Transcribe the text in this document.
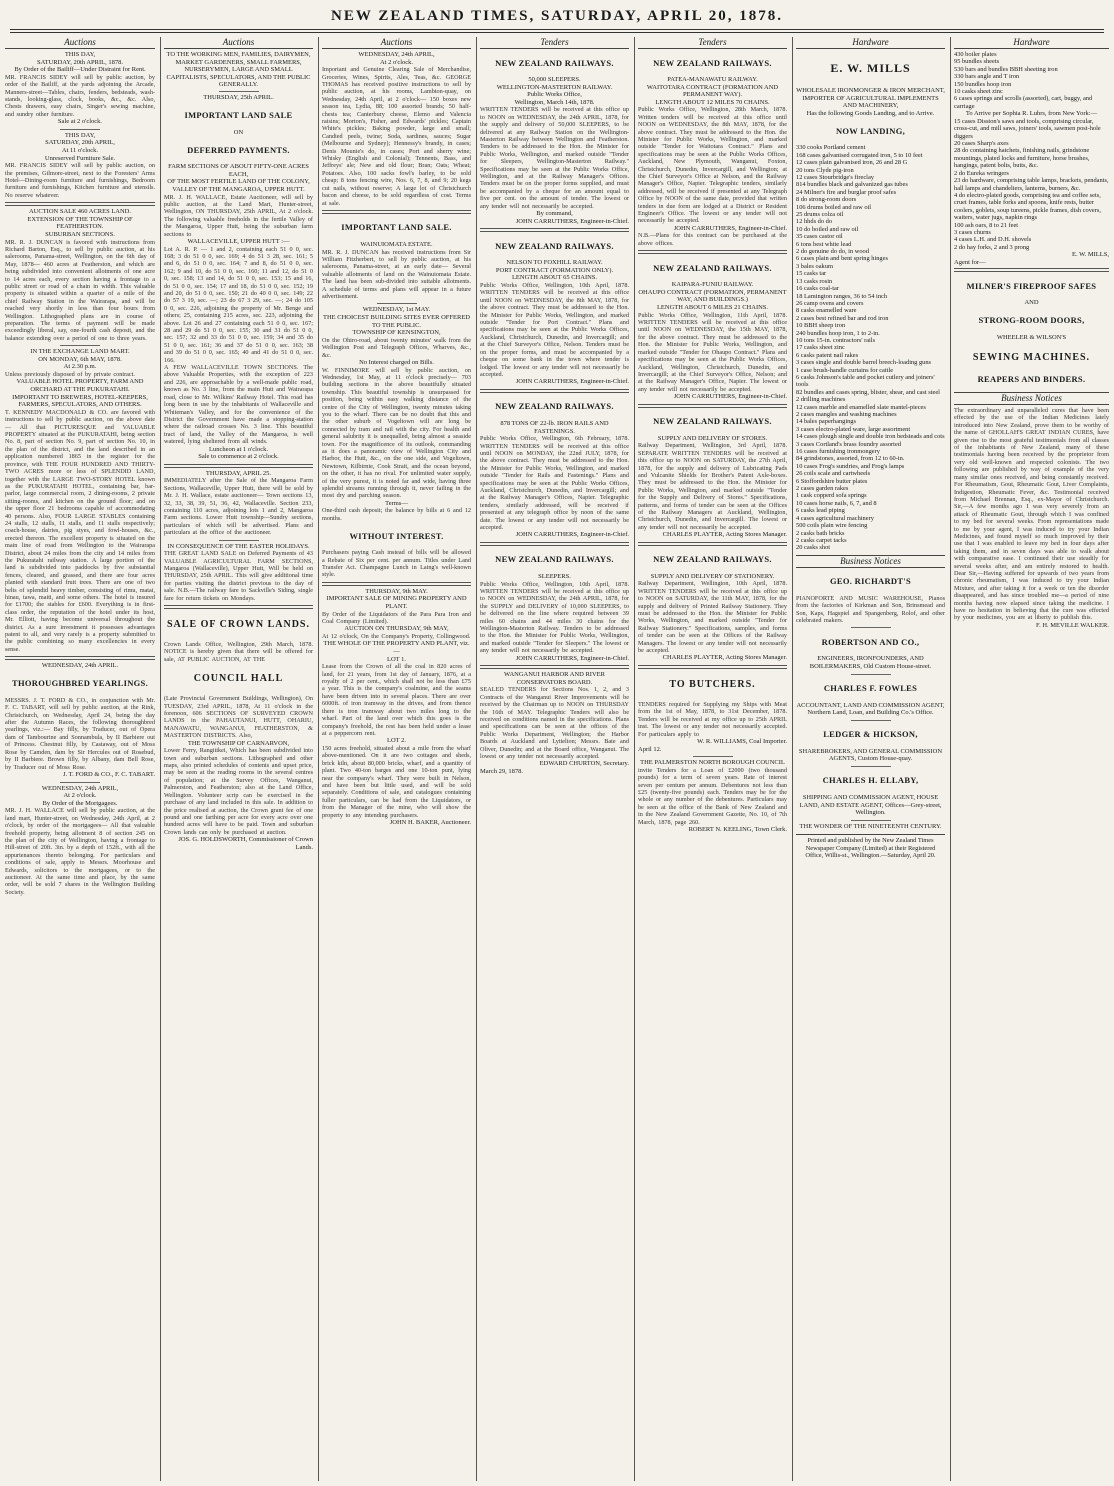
NEW ZEALAND TIMES, SATURDAY, APRIL 20, 1878.
Auctions

THIS DAY,

SATURDAY, 20th APRIL, 1878.

By Order of the Bailiff—Under Distraint for Rent.

MR. FRANCIS SIDEY will sell by public auction, by order of the Bailiff, at the yards adjoining the Arcade, Manners-street—Tables, chairs, fenders, bedsteads, wash-stands, looking-glass, clock, books, &c., &c. Also, Chests drawers, easy chairs, Singer's sewing machine, and sundry other furniture.

Sale at 2 o'clock.

THIS DAY,

SATURDAY, 20th APRIL,

At 11 o'clock.

Unreserved Furniture Sale.

MR. FRANCIS SIDEY will sell by public auction, on the premises, Gilmore-street, next to the Foresters' Arms Hotel—Dining-room furniture and furnishings, Bedroom furniture and furnishings, Kitchen furniture and utensils. No reserve whatever.

AUCTION SALE 460 ACRES LAND.

EXTENSION OF THE TOWNSHIP OF FEATHERSTON.

SUBURBAN SECTIONS.

MR. R. J. DUNCAN is favored with instructions from Richard Barton, Esq., to sell by public auction, at his salerooms, Panama-street, Wellington, on the 6th day of May, 1878— 460 acres at Featherston, and which are being subdivided into convenient allotments of one acre to 14 acres each, every section having a frontage to a public street or road of a chain in width. This valuable property is situated within a quarter of a mile of the chief Railway Station in the Wairarapa, and will be reached very shortly in less than four hours from Wellington. Lithographed plans are in course of preparation. The terms of payment will be made exceedingly liberal, say, one-fourth cash deposit, and the balance extending over a period of one to three years.

IN THE EXCHANGE LAND MART.

ON MONDAY, 6th MAY, 1878.

At 2.30 p.m.

Unless previously disposed of by private contract.

VALUABLE HOTEL PROPERTY, FARM AND ORCHARD AT THE PUKURATAHI.

IMPORTANT TO BREWERS, HOTEL-KEEPERS, FARMERS, SPECULATORS, AND OTHERS.

T. KENNEDY MACDONALD & CO. are favored with instructions to sell by public auction, on the above date— All that PICTURESQUE and VALUABLE PROPERTY situated at the PUKURATAHI, being section No. 8, part of section No. 9, part of section No. 10, in the plan of the district, and the land described in an application numbered 1865 in the register for the province, with THE FOUR HUNDRED AND THIRTY-TWO ACRES more or less of SPLENDID LAND, together with the LARGE TWO-STORY HOTEL known as the PUKURATAHI HOTEL, containing bar, bar-parlor, large commercial room, 2 dining-rooms, 2 private sitting-rooms, and kitchen on the ground floor; and on the upper floor 21 bedrooms capable of accommodating 40 persons. Also, FOUR LARGE STABLES containing 24 stalls, 12 stalls, 11 stalls, and 11 stalls respectively; coach-house, dairies, pig styes, and fowl-houses, &c., erected thereon. The excellent property is situated on the main line of road from Wellington to the Wairarapa District, about 24 miles from the city and 14 miles from the Pukuratahi railway station. A large portion of the land is subdivided into paddocks by five substantial fences, cleared, and grassed, and there are four acres planted with standard fruit trees. There are one of two belts of splendid heavy timber, consisting of rimu, matai, hinau, tawa, maiti, and some others. The hotel is insured for £1700; the stables for £600. Everything is in first-class order, the reputation of the hotel under its host, Mr. Elliott, having become universal throughout the district. As a sure investment it possesses advantages patent to all, and very rarely is a property submitted to the public combining so many excellencies in every sense.

WEDNESDAY, 24th APRIL.

THOROUGHBRED YEARLINGS.

MESSRS. J. T. FORD & CO., in conjunction with Mr. F. C. TABART, will sell by public auction, at the Rink, Christchurch, on Wednesday, April 24, being the day after the Autumn Races, the following thoroughbred yearlings, viz.:— Bay filly, by Traducer, out of Opera dam of Tambourine and Sonnambula, by II Barbiere out of Princess. Chestnut filly, by Castaway, out of Moss Rose by Camden, dam by Sir Hercules out of Rosebud, by II Barbiere. Brown filly, by Albany, dam Bell Rose, by Traducer out of Moss Rose.

J. T. FORD & CO., F. C. TABART.

WEDNESDAY, 24th APRIL,

At 2 o'clock.

By Order of the Mortgagees.

MR. J. H. WALLACE will sell by public auction, at the land mart, Hunter-street, on Wednesday, 24th April, at 2 o'clock, by order of the mortgagees— All that valuable freehold property, being allotment 8 of section 245 on the plan of the city of Wellington, having a frontage to Hill-street of 20ft. 3in. by a depth of 152ft., with all the appurtenances thereto belonging. For particulars and conditions of sale, apply to Messrs. Moorhouse and Edwards, solicitors to the mortgagees, or to the auctioneer. At the same time and place, by the same order, will be sold 7 shares in the Wellington Building Society.

Auctions

TO THE WORKING MEN, FAMILIES, DAIRYMEN, MARKET GARDENERS, SMALL FARMERS, NURSERYMEN, LARGE AND SMALL CAPITALISTS, SPECULATORS, AND THE PUBLIC GENERALLY.

THURSDAY, 25th APRIL.

IMPORTANT LAND SALE

ON

DEFERRED PAYMENTS.

FARM SECTIONS OF ABOUT FIFTY-ONE ACRES EACH,

OF THE MOST FERTILE LAND OF THE COLONY,

VALLEY OF THE MANGAROA, UPPER HUTT.

MR. J. H. WALLACE, Estate Auctioneer, will sell by public auction, at the Land Mart, Hunter-street, Wellington, ON THURSDAY, 25th APRIL, At 2 o'clock. The following valuable freeholds in the fertile Valley of the Mangaroa, Upper Hutt, being the suburban farm sections to

WALLACEVILLE, UPPER HUTT :—

Lot A. R. P. — 1 and 2, containing each 51 0 0, sec. 168; 3 do 51 0 0, sec. 169; 4 do 51 3 28, sec. 161; 5 and 6, do 51 0 0, sec. 164; 7 and 8, do 51 0 0, sec. 162; 9 and 10, do 51 0 0, sec. 160; 11 and 12, do 51 0 0, sec. 158; 13 and 14, do 51 0 0, sec. 153; 15 and 16, do 51 0 0, sec. 154; 17 and 18, do 51 0 0, sec. 152; 19 and 20, do 51 0 0, sec. 150; 21 do 40 0 0, sec. 149; 22 do 57 3 19, sec. —; 23 do 67 3 29, sec. —; 24 do 105 0 0, sec. 226, adjoining the property of Mr. Benge and others; 25, containing 215 acres, sec. 223, adjoining the above. Lot 26 and 27 containing each 51 0 0, sec. 167; 28 and 29 do 51 0 0, sec. 155; 30 and 31 do 51 0 0, sec. 157; 32 and 33 do 51 0 0, sec. 159; 34 and 35 do 51 0 0, sec. 161; 36 and 37 do 51 0 0, sec. 163; 38 and 39 do 51 0 0, sec. 165; 40 and 41 do 51 0 0, sec. 166.

A FEW WALLACEVILLE TOWN SECTIONS. The above Valuable Properties, with the exception of 223 and 226, are approachable by a well-made public road, known as No. 3 line, from the main Hutt and Wairarapa road, close to Mr. Wilkins' Railway Hotel. This road has long been in use by the inhabitants of Wallaceville and Whiteman's Valley, and for the convenience of the District the Government have made a stopping-station where the railroad crosses No. 3 line. This beautiful tract of land, the Valley of the Mangaroa, is well watered, lying sheltered from all winds.

Luncheon at 1 o'clock.

Sale to commence at 2 o'clock.

THURSDAY, APRIL 25.

IMMEDIATELY after the Sale of the Mangaroa Farm Sections, Wallaceville, Upper Hutt, there will be sold by Mr. J. H. Wallace, estate auctioneer— Town sections 13, 32, 33, 38, 39, 51, 36, 42, Wallaceville. Section 233, containing 110 acres, adjoining lots 1 and 2, Mangaroa Farm sections. Lower Hutt township—Sundry sections, particulars of which will be advertised. Plans and particulars at the office of the auctioneer.

IN CONSEQUENCE OF THE EASTER HOLIDAYS.

THE GREAT LAND SALE on Deferred Payments of 43 VALUABLE AGRICULTURAL FARM SECTIONS, Mangaroa (Wallaceville), Upper Hutt, Will be held on THURSDAY, 25th APRIL. This will give additional time for parties visiting the district previous to the day of sale. N.B.—The railway fare to Sackville's Siding, single fare for return tickets on Mondays.

SALE OF CROWN LANDS.

Crown Lands Office, Wellington, 29th March, 1878. NOTICE is hereby given that there will be offered for sale, AT PUBLIC AUCTION, AT THE

COUNCIL HALL

(Late Provincial Government Buildings, Wellington), On TUESDAY, 23rd APRIL, 1878, At 11 o'clock in the forenoon, 606 SECTIONS OF SURVEYED CROWN LANDS in the PAHAUTANUI, HUTT, OHARIU, MANAWATU, WANGANUI, FEATHERSTON, & MASTERTON DISTRICTS. Also,

THE TOWNSHIP OF CARNARVON,

Lower Ferry, Rangitikei, Which has been subdivided into town and suburban sections. Lithographed and other maps, also printed schedules of contents and upset price, may be seen at the reading rooms in the several centres of population; at the Survey Offices, Wanganui, Palmerston, and Featherston; also at the Land Office, Wellington. Volunteer scrip can be exercised in the purchase of any land included in this sale. In addition to the price realised at auction, the Crown grant fee of one pound and one farthing per acre for every acre over one hundred acres will have to be paid. Town and suburban Crown lands can only be purchased at auction.

JOS. G. HOLDSWORTH, Commissioner of Crown Lands.

Auctions

WEDNESDAY, 24th APRIL,

At 2 o'clock.

Important and Genuine Clearing Sale of Merchandise, Groceries, Wines, Spirits, Ales, Teas, &c. GEORGE THOMAS has received positive instructions to sell by public auction, at his rooms, Lambton-quay, on Wednesday, 24th April, at 2 o'clock— 150 boxes new season tea, Lydia, 88; 100 assorted brands; 50 half-chests tea; Canterbury cheese, Elemo and Valencia raisins; Morton's, Fisher, and Edwards' pickles; Captain White's pickles; Baking powder, large and small; Candied peels, twine; Soda, sardines, sauces; Sugar (Melbourne and Sydney); Hennessy's brandy, in cases; Denis Mounie's do, in cases; Port and sherry wine; Whisky (English and Colonial); Tennents, Bass, and Jeffreys' ale; New and old flour; Bran; Oats; Wheat; Potatoes. Also, 100 sacks fowl's barley, to be sold cheap; 8 tons fencing wire, Nos. 6, 7, 8, and 9; 20 kegs cut nails, without reserve; A large lot of Christchurch bacon and cheese, to be sold regardless of cost. Terms at sale.

IMPORTANT LAND SALE.

WAINUIOMATA ESTATE.

MR. R. J. DUNCAN has received instructions from Sir William Fitzherbert, to sell by public auction, at his salerooms, Panama-street, at an early date— Several valuable allotments of land on the Wainuiomata Estate. The land has been sub-divided into suitable allotments. A schedule of terms and plans will appear in a future advertisement.

WEDNESDAY, 1st MAY.

THE CHOICEST BUILDING SITES EVER OFFERED TO THE PUBLIC.

TOWNSHIP OF KENSINGTON,

On the Ohiro-road, about twenty minutes' walk from the Wellington Post and Telegraph Offices, Wharves, &c., &c.

No Interest charged on Bills.

W. FINNIMORE will sell by public auction, on Wednesday, 1st May, at 11 o'clock precisely— 703 building sections in the above beautifully situated township. This beautiful township is unsurpassed for position, being within easy walking distance of the centre of the City of Wellington, twenty minutes taking you to the wharf. There can be no doubt that this and the other suburb of Vogeltown will are long be connected by tram and rail with the city. For health and general salubrity it is unequalled, being almost a seaside town. For the magnificence of its outlook, commanding as it does a panoramic view of Wellington City and Harbor, the Hutt, &c., on the one side, and Vogeltown, Newtown, Kilbirnie, Cook Strait, and the ocean beyond, on the other, it has no rival. For unlimited water supply, of the very purest, it is noted far and wide, having three splendid streams running through it, never failing in the most dry and parching season.

Terms—

One-third cash deposit; the balance by bills at 6 and 12 months.

WITHOUT INTEREST.

Purchasers paying Cash instead of bills will be allowed a Rebate of Six per cent. per annum. Titles under Land Transfer Act. Champagne Lunch in Laing's well-known style.

THURSDAY, 9th MAY.

IMPORTANT SALE OF MINING PROPERTY AND PLANT.

By Order of the Liquidators of the Para Para Iron and Coal Company (Limited).

AUCTION ON THURSDAY, 9th MAY,

At 12 o'clock, On the Company's Property, Collingwood.

THE WHOLE OF THE PROPERTY AND PLANT, viz.—

LOT 1.

Lease from the Crown of all the coal in 820 acres of land, for 21 years, from 1st day of January, 1876, at a royalty of 2 per cent., which shall not be less than £75 a year. This is the company's coalmine, and the seams have been driven into in several places. There are over 6000ft. of iron tramway in the drives, and from thence there is iron tramway about two miles long to the wharf. Part of the land over which this goes is the company's freehold, the rest has been held under a lease at a peppercorn rent.

LOT 2.

150 acres freehold, situated about a mile from the wharf above-mentioned. On it are two cottages and sheds, brick kiln, about 80,000 bricks, wharf, and a quantity of plant. Two 40-ton barges and one 10-ton punt, lying near the company's wharf. They were built in Nelson, and have been but little used, and will be sold separately. Conditions of sale, and catalogues containing fuller particulars, can be had from the Liquidators, or from the Manager of the mine, who will show the property to any intending purchasers.

JOHN H. BAKER, Auctioneer.

Tenders

NEW ZEALAND RAILWAYS.

50,000 SLEEPERS.

WELLINGTON-MASTERTON RAILWAY.

Public Works Office,

Wellington, March 14th, 1878.

WRITTEN TENDERS will be received at this office up to NOON on WEDNESDAY, the 24th APRIL, 1878, for the supply and delivery of 50,000 SLEEPERS, to be delivered at any Railway Station on the Wellington-Masterton Railway between Wellington and Featherston. Tenders to be addressed to the Hon. the Minister for Public Works, Wellington, and marked outside "Tender for Sleepers, Wellington-Masterton Railway." Specifications may be seen at the Public Works Office, Wellington, and at the Railway Manager's Offices. Tenders must be on the proper forms supplied, and must be accompanied by a cheque for an amount equal to five per cent. on the amount of tender. The lowest or any tender will not necessarily be accepted.

By command,

JOHN CARRUTHERS, Engineer-in-Chief.

NEW ZEALAND RAILWAYS.

NELSON TO FOXHILL RAILWAY.

PORT CONTRACT (FORMATION ONLY).

LENGTH ABOUT 65 CHAINS.

Public Works Office, Wellington, 10th April, 1878. WRITTEN TENDERS will be received at this office until NOON on WEDNESDAY, the 8th MAY, 1878, for the above contract. They must be addressed to the Hon. the Minister for Public Works, Wellington, and marked outside "Tender for Port Contract." Plans and specifications may be seen at the Public Works Offices, Auckland, Christchurch, Dunedin, and Invercargill; and at the Chief Surveyor's Office, Nelson. Tenders must be on the proper forms, and must be accompanied by a cheque on some bank in the town where tender is lodged. The lowest or any tender will not necessarily be accepted.

JOHN CARRUTHERS, Engineer-in-Chief.

NEW ZEALAND RAILWAYS.

878 TONS OF 22-lb. IRON RAILS AND FASTENINGS.

Public Works Office, Wellington, 6th February, 1878. WRITTEN TENDERS will be received at this office until NOON on MONDAY, the 22nd JULY, 1878, for the above contract. They must be addressed to the Hon. the Minister for Public Works, Wellington, and marked outside "Tender for Rails and Fastenings." Plans and specifications may be seen at the Public Works Offices, Auckland, Christchurch, Dunedin, and Invercargill; and at the Railway Manager's Offices, Napier. Telegraphic tenders, similarly addressed, will be received if presented at any telegraph office by noon of the same date. The lowest or any tender will not necessarily be accepted.

JOHN CARRUTHERS, Engineer-in-Chief.

NEW ZEALAND RAILWAYS.

SLEEPERS.

Public Works Office, Wellington, 10th April, 1878. WRITTEN TENDERS will be received at this office up to NOON on WEDNESDAY, the 24th APRIL, 1878, for the SUPPLY and DELIVERY of 10,000 SLEEPERS, to be delivered on the line where required between 39 miles 60 chains and 44 miles 30 chains for the Wellington-Masterton Railway. Tenders to be addressed to the Hon. the Minister for Public Works, Wellington, and marked outside "Tender for Sleepers." The lowest or any tender will not necessarily be accepted.

JOHN CARRUTHERS, Engineer-in-Chief.

WANGANUI HARBOR AND RIVER CONSERVATORS BOARD.

SEALED TENDERS for Sections Nos. 1, 2, and 3 Contracts of the Wanganui River Improvements will be received by the Chairman up to NOON on THURSDAY the 16th of MAY. Telegraphic Tenders will also be received on conditions named in the specifications. Plans and specifications can be seen at the offices of the Public Works Department, Wellington; the Harbor Boards at Auckland and Lyttelton; Messrs. Bate and Oliver, Dunedin; and at the Board office, Wanganui. The lowest or any tender not necessarily accepted.

EDWARD CHURTON, Secretary.

March 29, 1878.

Tenders

NEW ZEALAND RAILWAYS.

PATEA-MANAWATU RAILWAY.

WAITOTARA CONTRACT (FORMATION AND PERMANENT WAY).

LENGTH ABOUT 12 MILES 70 CHAINS.

Public Works Office, Wellington, 28th March, 1878. Written tenders will be received at this office until NOON on WEDNESDAY, the 8th MAY, 1878, for the above contract. They must be addressed to the Hon. the Minister for Public Works, Wellington, and marked outside "Tender for Waitotara Contract." Plans and specifications may be seen at the Public Works Offices, Auckland, New Plymouth, Wanganui, Foxton, Christchurch, Dunedin, Invercargill, and Wellington; at the Chief Surveyor's Office at Nelson, and the Railway Manager's Office, Napier. Telegraphic tenders, similarly addressed, will be received if presented at any Telegraph Office by NOON of the same date, provided that written tenders in due form are lodged at a District or Resident Engineer's Office. The lowest or any tender will not necessarily be accepted.

JOHN CARRUTHERS, Engineer-in-Chief.

N.B.—Plans for this contract can be purchased at the above offices.

NEW ZEALAND RAILWAYS.

KAIPARA-FUNIU RAILWAY.

OHAUPO CONTRACT (FORMATION, PERMANENT WAY, AND BUILDINGS.)

LENGTH ABOUT 6 MILES 21 CHAINS.

Public Works Office, Wellington, 11th April, 1878. WRITTEN TENDERS will be received at this office until NOON on WEDNESDAY, the 15th MAY, 1878, for the above contract. They must be addressed to the Hon. the Minister for Public Works, Wellington, and marked outside "Tender for Ohaupo Contract." Plans and specifications may be seen at the Public Works Offices, Auckland, Wellington, Christchurch, Dunedin, and Invercargill; at the Chief Surveyor's Office, Nelson; and at the Railway Manager's Office, Napier. The lowest or any tender will not necessarily be accepted.

JOHN CARRUTHERS, Engineer-in-Chief.

NEW ZEALAND RAILWAYS.

SUPPLY AND DELIVERY OF STORES.

Railway Department, Wellington, 3rd April, 1878. SEPARATE WRITTEN TENDERS will be received at this office up to NOON on SATURDAY, the 27th April, 1878, for the supply and delivery of Lubricating Pads and Vulcanite Shields for Brother's Patent Axle-boxes. They must be addressed to the Hon. the Minister for Public Works, Wellington, and marked outside "Tender for the Supply and Delivery of Stores." Specifications, patterns, and forms of tender can be seen at the Offices of the Railway Managers at Auckland, Wellington, Christchurch, Dunedin, and Invercargill. The lowest or any tender will not necessarily be accepted.

CHARLES PLAYTER, Acting Stores Manager.

NEW ZEALAND RAILWAYS.

SUPPLY AND DELIVERY OF STATIONERY.

Railway Department, Wellington, 10th April, 1878. WRITTEN TENDERS will be received at this office up to NOON on SATURDAY, the 11th MAY, 1878, for the supply and delivery of Printed Railway Stationery. They must be addressed to the Hon. the Minister for Public Works, Wellington, and marked outside "Tender for Railway Stationery." Specifications, samples, and forms of tender can be seen at the Offices of the Railway Managers. The lowest or any tender will not necessarily be accepted.

CHARLES PLAYTER, Acting Stores Manager.

TO BUTCHERS.

TENDERS required for Supplying my Ships with Meat from the 1st of May, 1878, to 31st December, 1878. Tenders will be received at my office up to 25th APRIL inst. The lowest or any tender not necessarily accepted. For particulars apply to

W. R. WILLIAMS, Coal Importer.

April 12.

THE PALMERSTON NORTH BOROUGH COUNCIL

invite Tenders for a Loan of £2000 (two thousand pounds) for a term of seven years. Rate of interest seven per centum per annum. Debentures not less than £25 (twenty-five pounds) each. Tenders may be for the whole or any number of the debentures. Particulars may be seen at the office of the Bank of New Zealand and in the New Zealand Government Gazette, No. 10, of 7th March, 1878, page 260.

ROBERT N. KEELING, Town Clerk.

Hardware

E. W. MILLS

WHOLESALE IRONMONGER & IRON MERCHANT,

IMPORTER OF AGRICULTURAL IMPLEMENTS AND MACHINERY,

Has the following Goods Landing, and to Arrive.

NOW LANDING,

330 cooks Portland cement

168 cases galvanised corrugated iron, 5 to 10 feet

12 cases plain galvanised iron, 26 and 28 G

20 tons Clyde pig-iron

12 cases Stourbridge's fireclay

814 bundles black and galvanized gas tubes

24 Milner's fire and burglar proof safes

8 do strong-room doors

106 drums boiled and raw oil

25 drums colza oil

12 hhds do do

10 do boiled and raw oil

35 cases castor oil

6 tons best white lead

2 do genuine do do, in wood

6 cases plain and bent spring hinges

3 bales oakum

15 casks tar

13 casks rosin

16 casks coal-tar

18 Lamington ranges, 36 to 54 inch

26 camp ovens and covers

8 casks enamelled ware

2 cases best refined bar and rod iron

10 BBH sheep iron

240 bundles hoop iron, 1 to 2-in.

10 tons 15-in. contractors' rails

17 casks sheet zinc

6 casks patent nail rakes

3 cases single and double barrel breech-loading guns

1 case brush-handle curtains for cattle

6 casks Johnson's table and pocket cutlery and joiners' tools

82 bundles and cases spring, blister, shear, and cast steel

2 drilling machines

12 cases marble and enamelled slate mantel-pieces

2 cases mangles and washing machines

14 bales paperhangings

3 cases electro-plated ware, large assortment

14 cases plough single and double iron bedsteads and cots

3 cases Cortland's brass foundry assorted

16 cases furnishing ironmongery

84 grindstones, assorted, from 12 to 60-in.

10 cases Frog's sundries, and Frog's lamps

26 coils scale and cartwheels

6 Stoffordshire butter plates

2 cases garden rakes

1 cask copperd sofa springs

10 cases horse nails, 6, 7, and 8

6 casks lead piping

4 cases agricultural machinery

500 coils plain wire fencing

2 casks bath bricks

2 casks carpet tacks

20 casks shot

Business Notices

GEO. RICHARDT'S

PIANOFORTE AND MUSIC WAREHOUSE, Pianos from the factories of Kirkman and Son, Brinsmead and Son, Kaps, Hagspiel and Spangenberg, Rolof, and other celebrated makers.

ROBERTSON AND CO.,

ENGINEERS, IRONFOUNDERS, AND BOILERMAKERS, Old Custom House-street.

CHARLES F. FOWLES

ACCOUNTANT, LAND AND COMMISSION AGENT, Northern Land, Loan, and Building Co.'s Office.

LEDGER & HICKSON,

SHAREBROKERS, AND GENERAL COMMISSION AGENTS, Custom House-quay.

CHARLES H. ELLABY,

SHIPPING AND COMMISSION AGENT, HOUSE LAND, AND ESTATE AGENT, Offices—Grey-street, Wellington.

THE WONDER OF THE NINETEENTH CENTURY.

Printed and published by the New Zealand Times Newspaper Company (Limited) at their Registered Office, Willis-st., Wellington.—Saturday, April 20.
Hardware

430 boiler plates

95 bundles sheets

530 bars and bundles BBH sheeting iron

330 bars angle and T iron

150 bundles hoop iron

10 casks sheet zinc

6 cases springs and scrolls (assorted), cart, buggy, and carriage

To Arrive per Sophia R. Luhrs, from New York:—

15 cases Disston's saws and tools, comprising circular, cross-cut, and mill saws, joiners' tools, sawmen post-hole diggers

20 cases Sharp's axes

28 do containing hatchets, finishing nails, grindstone mountings, plated locks and furniture, horse brushes, hangings, patent bolts, butts, &c.

2 do Eureka wringers

23 do hardware, comprising table lamps, brackets, pendants, hall lamps and chandeliers, lanterns, burners, &c.

4 do electro-plated goods, comprising tea and coffee sets, cruet frames, table forks and spoons, knife rests, butter coolers, goblets, soup tureens, pickle frames, dish covers, waiters, water jugs, napkin rings

100 ash oars, 8 to 21 feet

3 cases churns

4 cases L.H. and D.H. shovels

2 do hay forks, 2 and 3 prong

E. W. MILLS,

Agent for—

MILNER'S FIREPROOF SAFES

AND

STRONG-ROOM DOORS,

WHEELER & WILSON'S

SEWING MACHINES.

REAPERS AND BINDERS.

Business Notices

The extraordinary and unparalleled cures that have been effected by the use of the Indian Medicines lately introduced into New Zealand, prove them to be worthy of the name of GHOLLAH'S GREAT INDIAN CURES, have given rise to the most grateful testimonials from all classes of the inhabitants of New Zealand, many of these testimonials having been received by the proprietor from very old well-known and respected colonists. The two following are published by way of example of the very many similar ones received, and being constantly received. For Rheumatism, Gout, Rheumatic Gout, Liver Complaints, Indigestion, Rheumatic Fever, &c. Testimonial received from Michael Brennan, Esq., ex-Mayor of Christchurch. Sir,—A few months ago I was very severely from an attack of Rheumatic Gout, through which I was confined to my bed for several weeks. From representations made to me by your agent, I was induced to try your Indian Medicines, and found myself so much improved by their use that I was enabled to leave my bed in four days after taking them, and in seven days was able to walk about with comparative ease. I continued their use steadily for several weeks after, and am entirely restored to health. Dear Sir,—Having suffered for upwards of two years from chronic rheumatism, I was induced to try your Indian Mixture, and after taking it for a week or ten the disorder disappeared, and has since troubled me—a period of nine months having now elapsed since taking the medicine. I have no hesitation in believing that the cure was effected by your medicines, you are at liberty to publish this.

F. H. MEVILLE WALKER.
